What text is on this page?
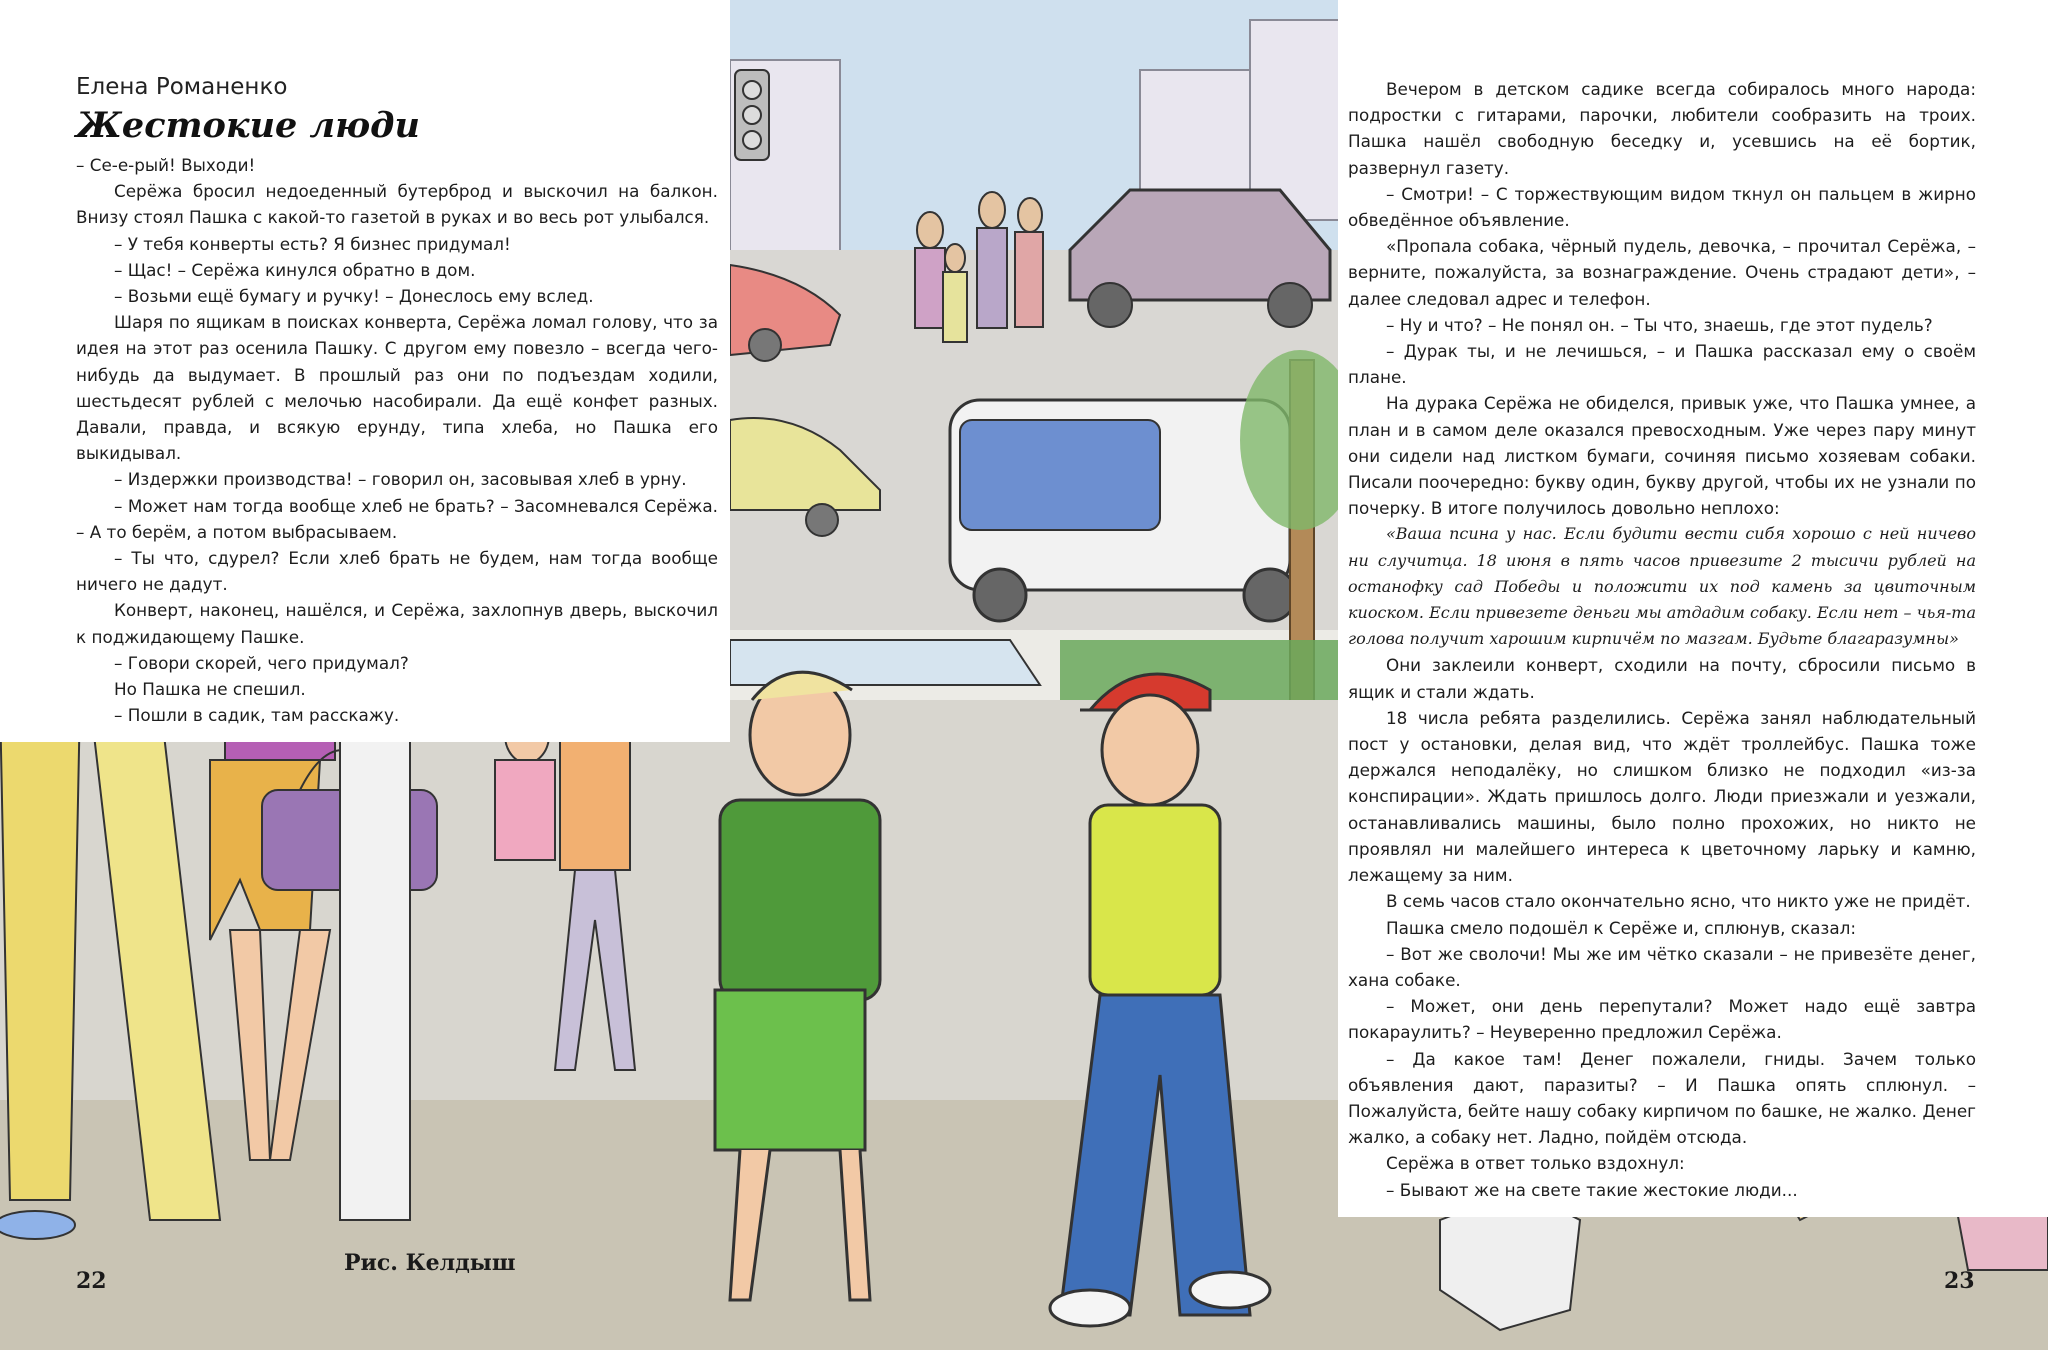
Елена Романенко
Жестокие люди

– Се-е-рый! Выходи!

Серёжа бросил недоеденный бутерброд и выскочил на балкон. Внизу стоял Пашка с какой-то газетой в руках и во весь рот улыбался.

– У тебя конверты есть? Я бизнес придумал!

– Щас! – Серёжа кинулся обратно в дом.

– Возьми ещё бумагу и ручку! – Донеслось ему вслед.

Шаря по ящикам в поисках конверта, Серёжа ломал голову, что за идея на этот раз осенила Пашку. С другом ему повезло – всегда чего-нибудь да выдумает. В прошлый раз они по подъездам ходили, шестьдесят рублей с мелочью насобирали. Да ещё конфет разных. Давали, правда, и всякую ерунду, типа хлеба, но Пашка его выкидывал.

– Издержки производства! – говорил он, засовывая хлеб в урну.

– Может нам тогда вообще хлеб не брать? – Засомневался Серёжа. – А то берём, а потом выбрасываем.

– Ты что, сдурел? Если хлеб брать не будем, нам тогда вообще ничего не дадут.

Конверт, наконец, нашёлся, и Серёжа, захлопнув дверь, выскочил к поджидающему Пашке.

– Говори скорей, чего придумал?

Но Пашка не спешил.

– Пошли в садик, там расскажу.

Вечером в детском садике всегда собиралось много народа: подростки с гитарами, парочки, любители сообразить на троих. Пашка нашёл свободную беседку и, усевшись на её бортик, развернул газету.

– Смотри! – С торжествующим видом ткнул он пальцем в жирно обведённое объявление.

«Пропала собака, чёрный пудель, девочка, – прочитал Серёжа, – верните, пожалуйста, за вознаграждение. Очень страдают дети», – далее следовал адрес и телефон.

– Ну и что? – Не понял он. – Ты что, знаешь, где этот пудель?

– Дурак ты, и не лечишься, – и Пашка рассказал ему о своём плане.

На дурака Серёжа не обиделся, привык уже, что Пашка умнее, а план и в самом деле оказался превосходным. Уже через пару минут они сидели над листком бумаги, сочиняя письмо хозяевам собаки. Писали поочередно: букву один, букву другой, чтобы их не узнали по почерку. В итоге получилось довольно неплохо:

«Ваша псина у нас. Если будити вести сибя хорошо с ней ничево ни случитца. 18 июня в пять часов привезите 2 тысичи рублей на останофку сад Победы и положити их под камень за цвиточным киоском. Если привезете деньги мы атдадим собаку. Если нет – чья-та голова получит харошим кирпичём по мазгам. Будьте благаразумны»

Они заклеили конверт, сходили на почту, сбросили письмо в ящик и стали ждать.

18 числа ребята разделились. Серёжа занял наблюдательный пост у остановки, делая вид, что ждёт троллейбус. Пашка тоже держался неподалёку, но слишком близко не подходил «из-за конспирации». Ждать пришлось долго. Люди приезжали и уезжали, останавливались машины, было полно прохожих, но никто не проявлял ни малейшего интереса к цветочному ларьку и камню, лежащему за ним.

В семь часов стало окончательно ясно, что никто уже не придёт.

Пашка смело подошёл к Серёже и, сплюнув, сказал:

– Вот же сволочи! Мы же им чётко сказали – не привезёте денег, хана собаке.

– Может, они день перепутали? Может надо ещё завтра покараулить? – Неуверенно предложил Серёжа.

– Да какое там! Денег пожалели, гниды. Зачем только объявления дают, паразиты? – И Пашка опять сплюнул. – Пожалуйста, бейте нашу собаку кирпичом по башке, не жалко. Денег жалко, а собаку нет. Ладно, пойдём отсюда.

Серёжа в ответ только вздохнул:

– Бывают же на свете такие жестокие люди...

22
Рис. Келдыш
23
